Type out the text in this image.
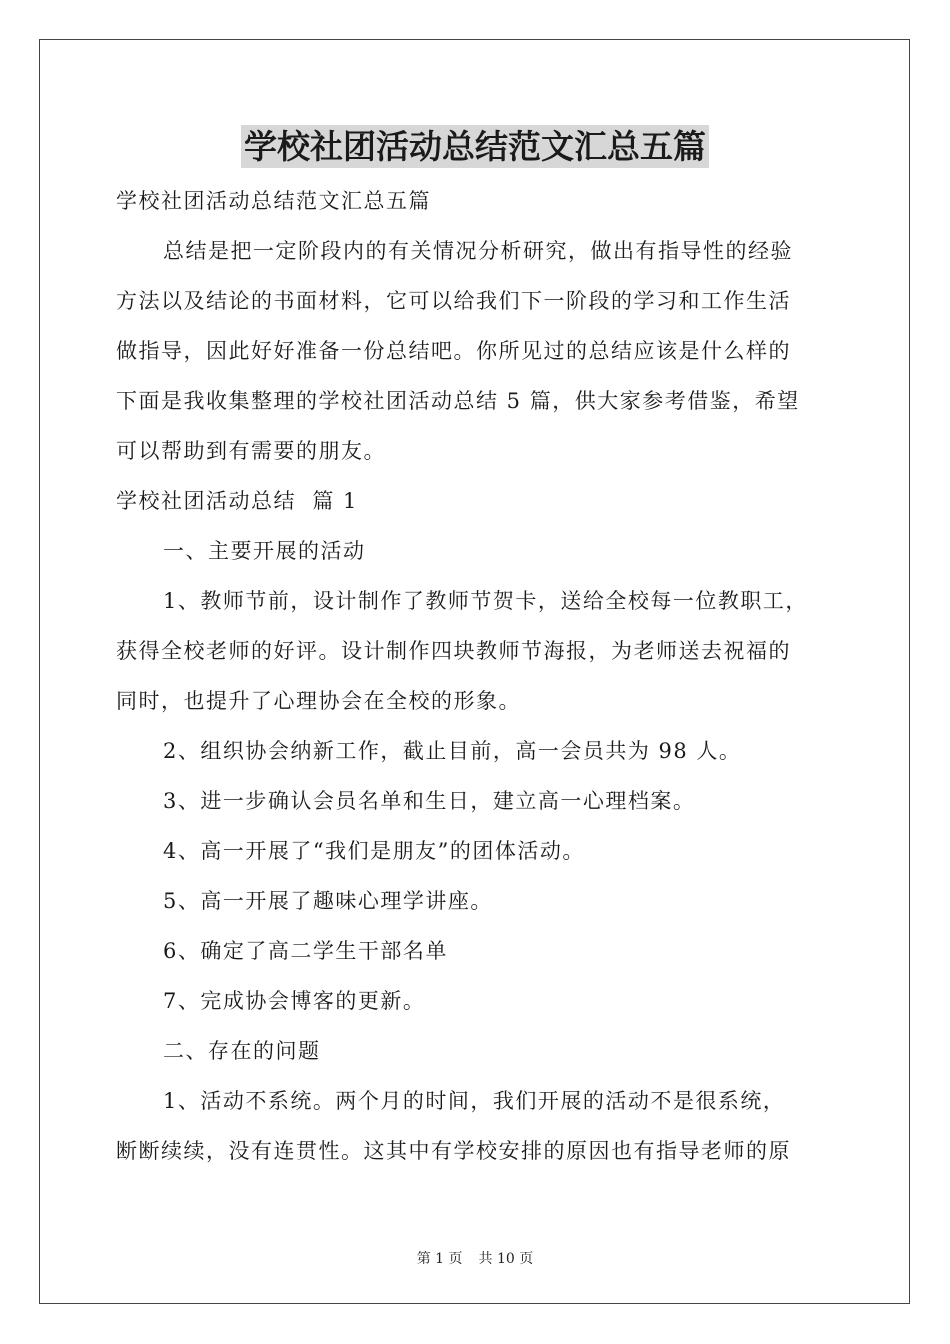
学校社团活动总结范文汇总五篇
学校社团活动总结范文汇总五篇
总结是把一定阶段内的有关情况分析研究，做出有指导性的经验
方法以及结论的书面材料，它可以给我们下一阶段的学习和工作生活
做指导，因此好好准备一份总结吧。你所见过的总结应该是什么样的
下面是我收集整理的学校社团活动总结 5 篇，供大家参考借鉴，希望
可以帮助到有需要的朋友。
学校社团活动总结  篇 1
一、主要开展的活动
1、教师节前，设计制作了教师节贺卡，送给全校每一位教职工，
获得全校老师的好评。设计制作四块教师节海报，为老师送去祝福的
同时，也提升了心理协会在全校的形象。
2、组织协会纳新工作，截止目前，高一会员共为 98 人。
3、进一步确认会员名单和生日，建立高一心理档案。
4、高一开展了“我们是朋友”的团体活动。
5、高一开展了趣味心理学讲座。
6、确定了高二学生干部名单
7、完成协会博客的更新。
二、存在的问题
1、活动不系统。两个月的时间，我们开展的活动不是很系统，
断断续续，没有连贯性。这其中有学校安排的原因也有指导老师的原
第 1 页 共 10 页
